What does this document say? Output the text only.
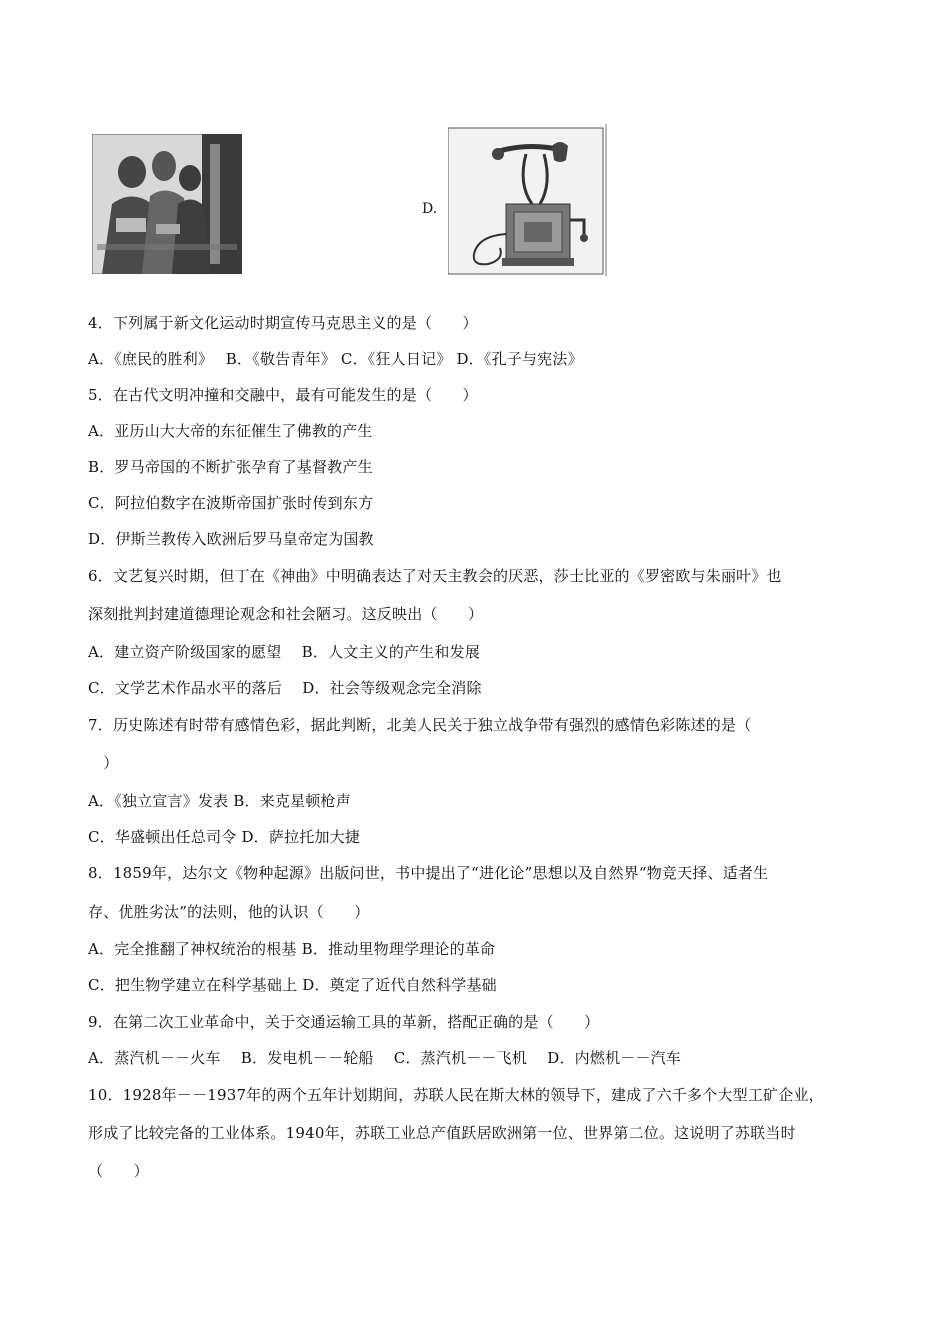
D.
4．下列属于新文化运动时期宣传马克思主义的是（　　）
A．《庶民的胜利》　 B．《敬告青年》 C．《狂人日记》 D．《孔子与宪法》
5．在古代文明冲撞和交融中，最有可能发生的是（　　）
A．亚历山大大帝的东征催生了佛教的产生
B．罗马帝国的不断扩张孕育了基督教产生
C．阿拉伯数字在波斯帝国扩张时传到东方
D．伊斯兰教传入欧洲后罗马皇帝定为国教
6．文艺复兴时期，但丁在《神曲》中明确表达了对天主教会的厌恶，莎士比亚的《罗密欧与朱丽叶》也
深刻批判封建道德理论观念和社会陋习。这反映出（　　）
A．建立资产阶级国家的愿望　 B．人文主义的产生和发展
C．文学艺术作品水平的落后　 D．社会等级观念完全消除
7．历史陈述有时带有感情色彩，据此判断，北美人民关于独立战争带有强烈的感情色彩陈述的是（
　）
A．《独立宣言》发表 B．来克星顿枪声
C．华盛顿出任总司令 D．萨拉托加大捷
8．1859年，达尔文《物种起源》出版问世，书中提出了“进化论”思想以及自然界“物竞天择、适者生
存、优胜劣汰”的法则，他的认识（　　）
A．完全推翻了神权统治的根基 B．推动里物理学理论的革命
C．把生物学建立在科学基础上 D．奠定了近代自然科学基础
9．在第二次工业革命中，关于交通运输工具的革新，搭配正确的是（　　）
A．蒸汽机－－火车　 B．发电机－－轮船　 C．蒸汽机－－飞机　 D．内燃机－－汽车
10．1928年－－1937年的两个五年计划期间，苏联人民在斯大林的领导下，建成了六千多个大型工矿企业，
形成了比较完备的工业体系。1940年，苏联工业总产值跃居欧洲第一位、世界第二位。这说明了苏联当时
（　　）
